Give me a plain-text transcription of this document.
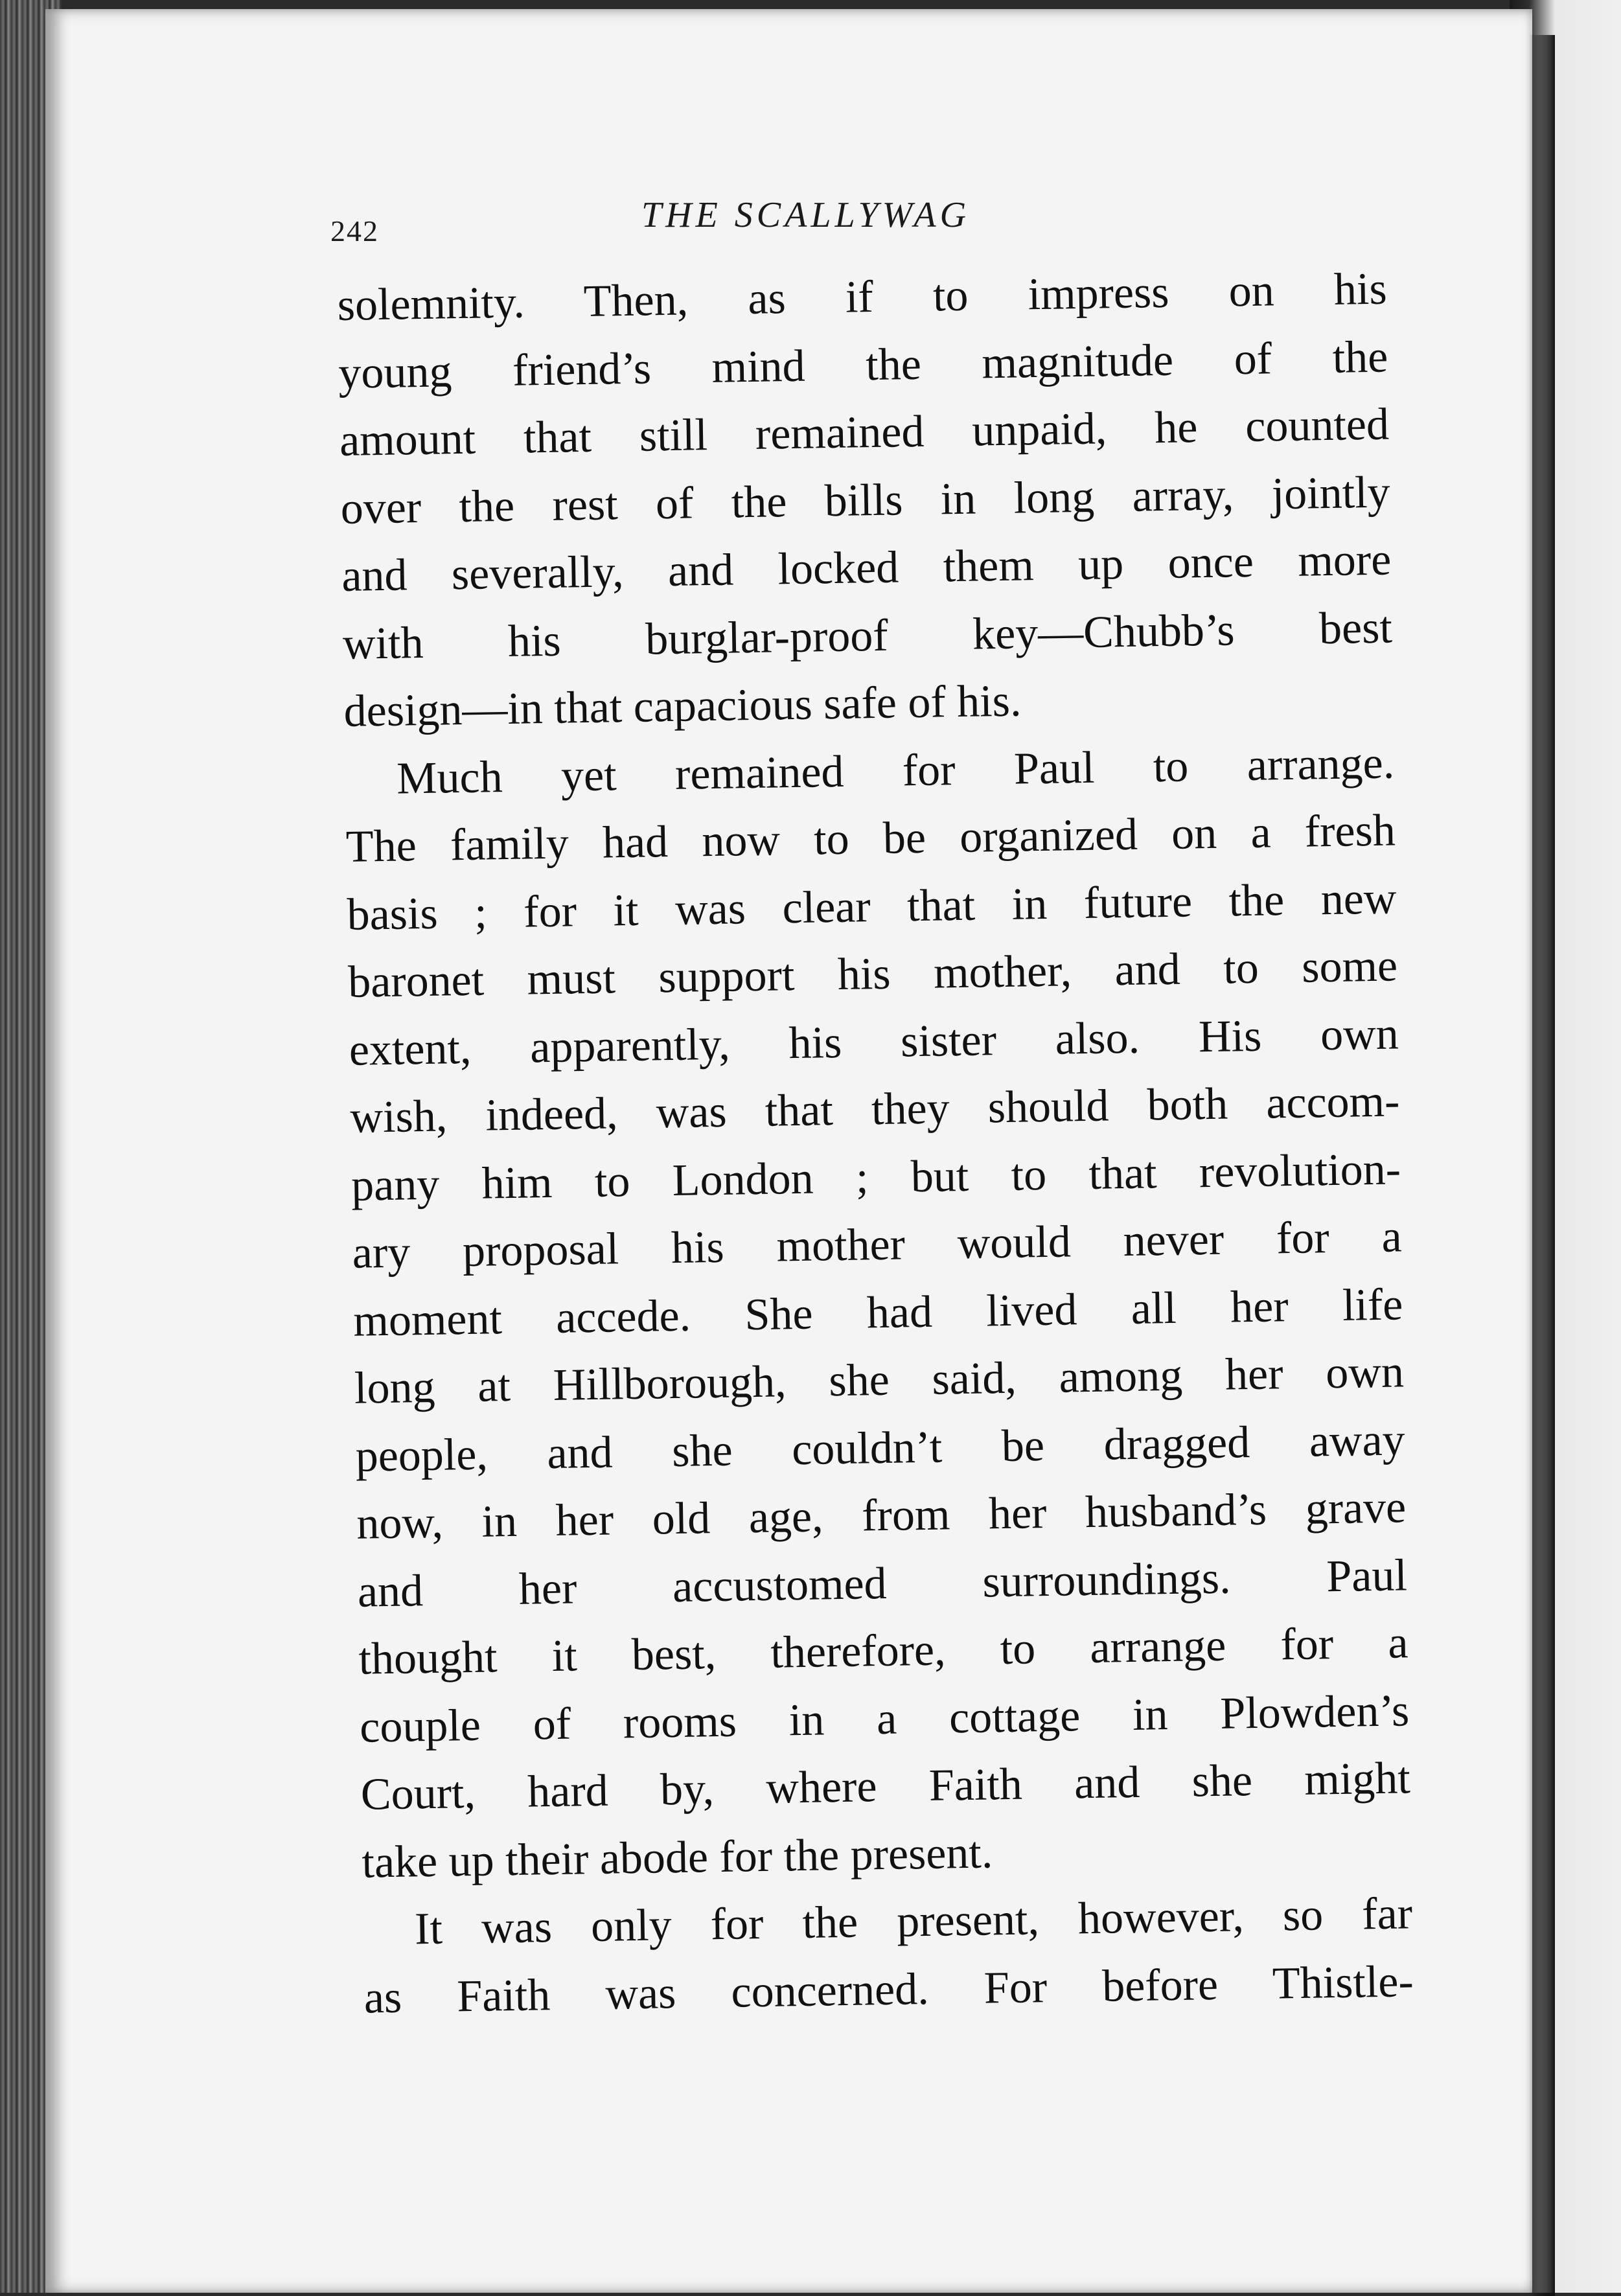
242	THE SCALLYWAG
solemnity. Then, as if to impress on his
young friend’s mind the magnitude of the
amount that still remained unpaid, he counted
over the rest of the bills in long array, jointly
and severally, and locked them up once more
with his burglar-proof key—Chubb’s best
design—in that capacious safe of his.
Much yet remained for Paul to arrange.
The family had now to be organized on a fresh
basis ; for it was clear that in future the new
baronet must support his mother, and to some
extent, apparently, his sister also. His own
wish, indeed, was that they should both accom-
pany him to London ; but to that revolution-
ary proposal his mother would never for a
moment accede. She had lived all her life
long at Hillborough, she said, among her own
people, and she couldn’t be dragged away
now, in her old age, from her husband’s grave
and her accustomed surroundings. Paul
thought it best, therefore, to arrange for a
couple of rooms in a cottage in Plowden’s
Court, hard by, where Faith and she might
take up their abode for the present.
It was only for the present, however, so far
as Faith was concerned. For before Thistle-
